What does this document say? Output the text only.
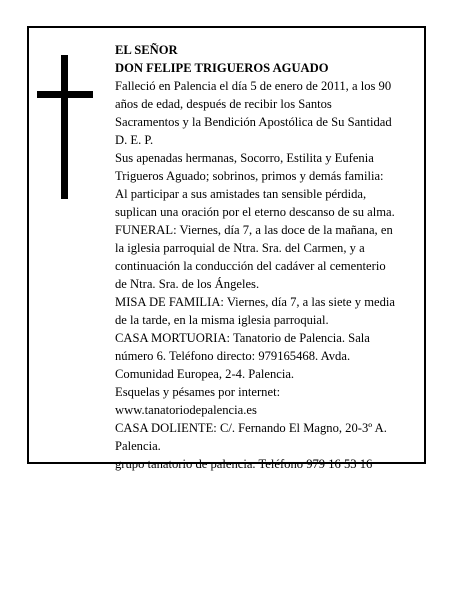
EL SEÑOR

DON FELIPE TRIGUEROS AGUADO

Falleció en Palencia el día 5 de enero de 2011, a los 90

años de edad, después de recibir los Santos

Sacramentos y la Bendición Apostólica de Su Santidad

D. E. P.

Sus apenadas hermanas, Socorro, Estilita y Eufenia

Trigueros Aguado; sobrinos, primos y demás familia:

Al participar a sus amistades tan sensible pérdida,

suplican una oración por el eterno descanso de su alma.

FUNERAL: Viernes, día 7, a las doce de la mañana, en

la iglesia parroquial de Ntra. Sra. del Carmen, y a

continuación la conducción del cadáver al cementerio

de Ntra. Sra. de los Ángeles.

MISA DE FAMILIA: Viernes, día 7, a las siete y media

de la tarde, en la misma iglesia parroquial.

CASA MORTUORIA: Tanatorio de Palencia. Sala

número 6. Teléfono directo: 979165468. Avda.

Comunidad Europea, 2-4. Palencia.

Esquelas y pésames por internet:

www.tanatoriodepalencia.es

CASA DOLIENTE: C/. Fernando El Magno, 20-3º A.

Palencia.

grupo tanatorio de palencia. Teléfono 979 16 53 16
